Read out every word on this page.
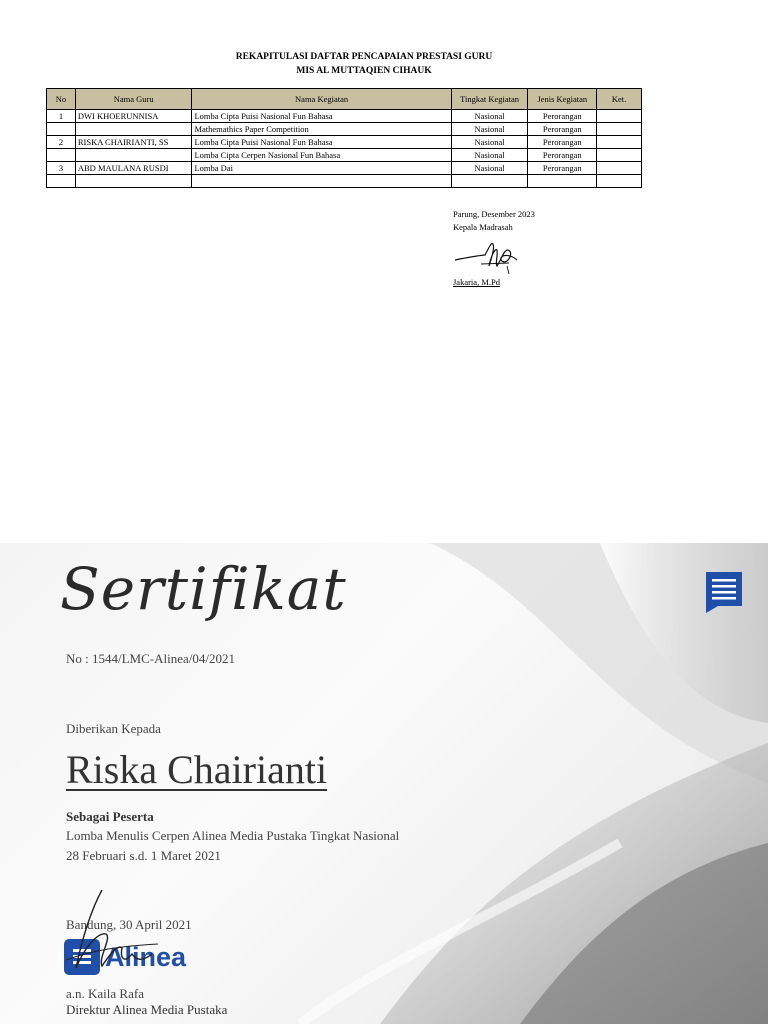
REKAPITULASI DAFTAR PENCAPAIAN PRESTASI GURU
MIS AL MUTTAQIEN CIHAUK
No	Nama Guru	Nama Kegiatan	Tingkat Kegiatan	Jenis Kegiatan	Ket.
1	DWI KHOERUNNISA	Lomba Cipta Puisi Nasional Fun Bahasa	Nasional	Perorangan	
		Mathemathics Paper Competition	Nasional	Perorangan	
2	RISKA CHAIRIANTI, SS	Lomba Cipta Puisi Nasional Fun Bahasa	Nasional	Perorangan	
		Lomba Cipta Cerpen Nasional Fun Bahasa	Nasional	Perorangan	
3	ABD MAULANA RUSDI	Lomba Dai	Nasional	Perorangan	

Parung, Desember 2023
Kepala Madrasah
Jakaria, M.Pd
Sertifikat
No : 1544/LMC-Alinea/04/2021
Diberikan Kepada
Riska Chairianti
Sebagai Peserta
Lomba Menulis Cerpen Alinea Media Pustaka Tingkat Nasional
28 Februari s.d. 1 Maret 2021
Bandung, 30 April 2021
Alinea
a.n. Kaila Rafa
Direktur Alinea Media Pustaka
